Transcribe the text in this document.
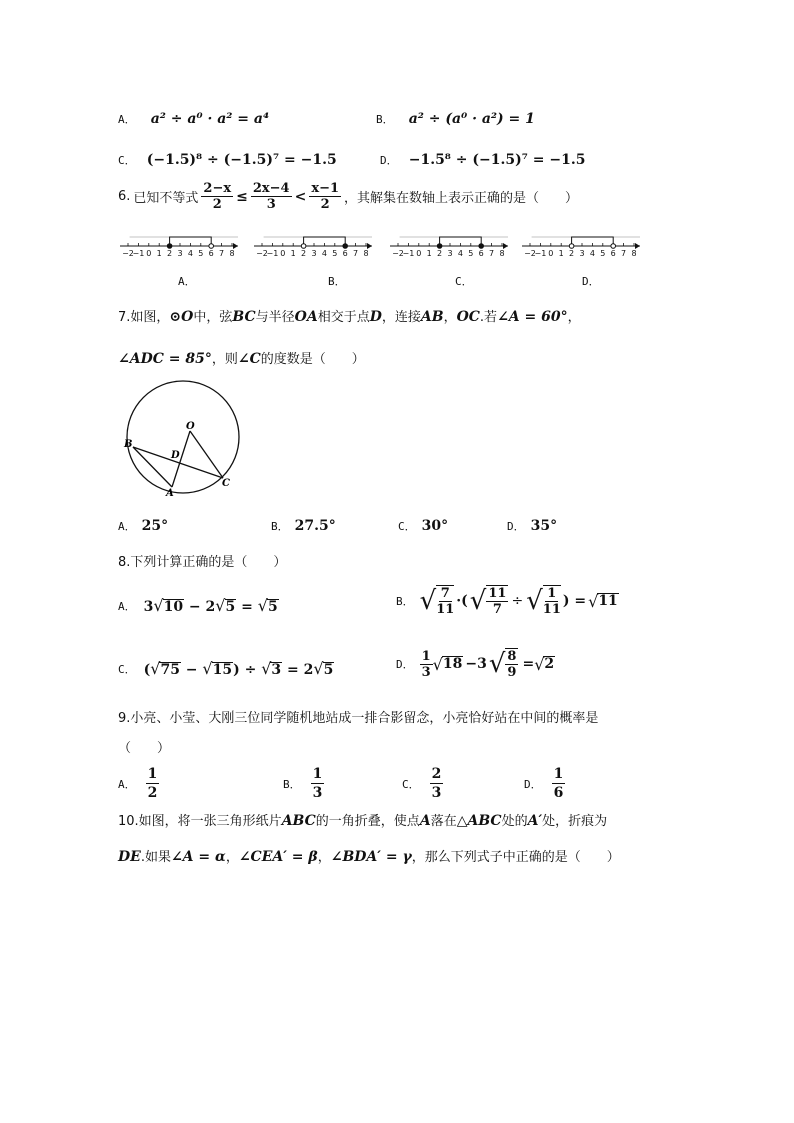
A． a² ÷ a⁰ · a² = a⁴	B． a² ÷ (a⁰ · a²) = 1
C． (−1.5)⁸ ÷ (−1.5)⁷ = −1.5	D． −1.5⁸ ÷ (−1.5)⁷ = −1.5
6. 已知不等式 $\frac{2-x}{2} \le \frac{2x-4}{3} < \frac{x-1}{2}$ ，其解集在数轴上表示正确的是（　　）
−2
−1 0 1 2 3 4 5 6 7 8	−2
−1 0 1 2 3 4 5 6 7 8	−2
−1 0 1 2 3 4 5 6 7 8 −2
−1 0 1 2 3 4 5 6 7 8
A．	B．	C．	D．
7.如图，⊙O中，弦BC与半径OA相交于点D，连接AB，OC.若∠A = 60°，
∠ADC = 85°，则∠C的度数是（　　）
O
B
D
A
C
A． 25°	B． 27.5°	C． 30°	D． 35°
8.下列计算正确的是（　　）
A． 3√10 − 2√5 = √5	B． √ $\frac{7}{11}$ ·( √ $\frac{11}{7}$ ÷ √ $\frac{1}{11}$ ) = √ 11
C． (√75 − √15) ÷ √3 = 2√5	D． $\frac{1}{3}$ √ 18 −3 √ $\frac{8}{9}$ = √ 2
9.小亮、小莹、大刚三位同学随机地站成一排合影留念，小亮恰好站在中间的概率是
（　　）
A． $\frac{1}{2}$	B． $\frac{1}{3}$	C． $\frac{2}{3}$	D． $\frac{1}{6}$
10.如图，将一张三角形纸片ABC的一角折叠，使点A落在△ABC处的A′处，折痕为
DE.如果∠A = α，∠CEA′ = β，∠BDA′ = γ，那么下列式子中正确的是（　　）
